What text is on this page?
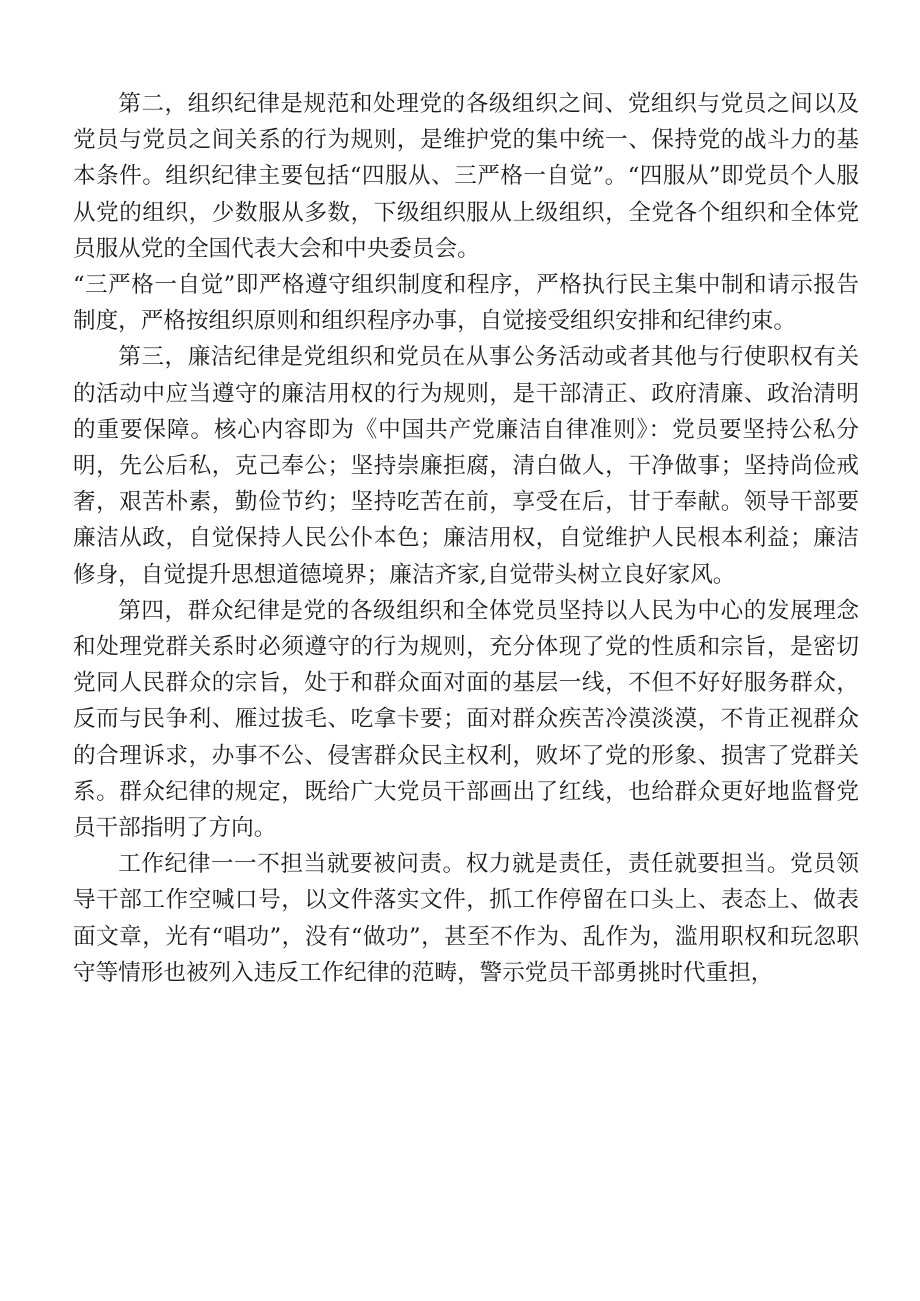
第二，组织纪律是规范和处理党的各级组织之间、党组织与党员之间以及党员与党员之间关系的行为规则，是维护党的集中统一、保持党的战斗力的基本条件。组织纪律主要包括“四服从、三严格一自觉”。“四服从”即党员个人服从党的组织，少数服从多数，下级组织服从上级组织，全党各个组织和全体党员服从党的全国代表大会和中央委员会。

“三严格一自觉”即严格遵守组织制度和程序，严格执行民主集中制和请示报告制度，严格按组织原则和组织程序办事，自觉接受组织安排和纪律约束。

第三，廉洁纪律是党组织和党员在从事公务活动或者其他与行使职权有关的活动中应当遵守的廉洁用权的行为规则，是干部清正、政府清廉、政治清明的重要保障。核心内容即为《中国共产党廉洁自律准则》：党员要坚持公私分明，先公后私，克己奉公；坚持崇廉拒腐，清白做人，干净做事；坚持尚俭戒奢，艰苦朴素，勤俭节约；坚持吃苦在前，享受在后，甘于奉献。领导干部要廉洁从政，自觉保持人民公仆本色；廉洁用权，自觉维护人民根本利益；廉洁修身，自觉提升思想道德境界；廉洁齐家,自觉带头树立良好家风。

第四，群众纪律是党的各级组织和全体党员坚持以人民为中心的发展理念和处理党群关系时必须遵守的行为规则，充分体现了党的性质和宗旨，是密切党同人民群众的宗旨，处于和群众面对面的基层一线，不但不好好服务群众，反而与民争利、雁过拔毛、吃拿卡要；面对群众疾苦冷漠淡漠，不肯正视群众的合理诉求，办事不公、侵害群众民主权利，败坏了党的形象、损害了党群关系。群众纪律的规定，既给广大党员干部画出了红线，也给群众更好地监督党员干部指明了方向。

工作纪律一一不担当就要被问责。权力就是责任，责任就要担当。党员领导干部工作空喊口号，以文件落实文件，抓工作停留在口头上、表态上、做表面文章，光有“唱功”，没有“做功”，甚至不作为、乱作为，滥用职权和玩忽职守等情形也被列入违反工作纪律的范畴，警示党员干部勇挑时代重担，
